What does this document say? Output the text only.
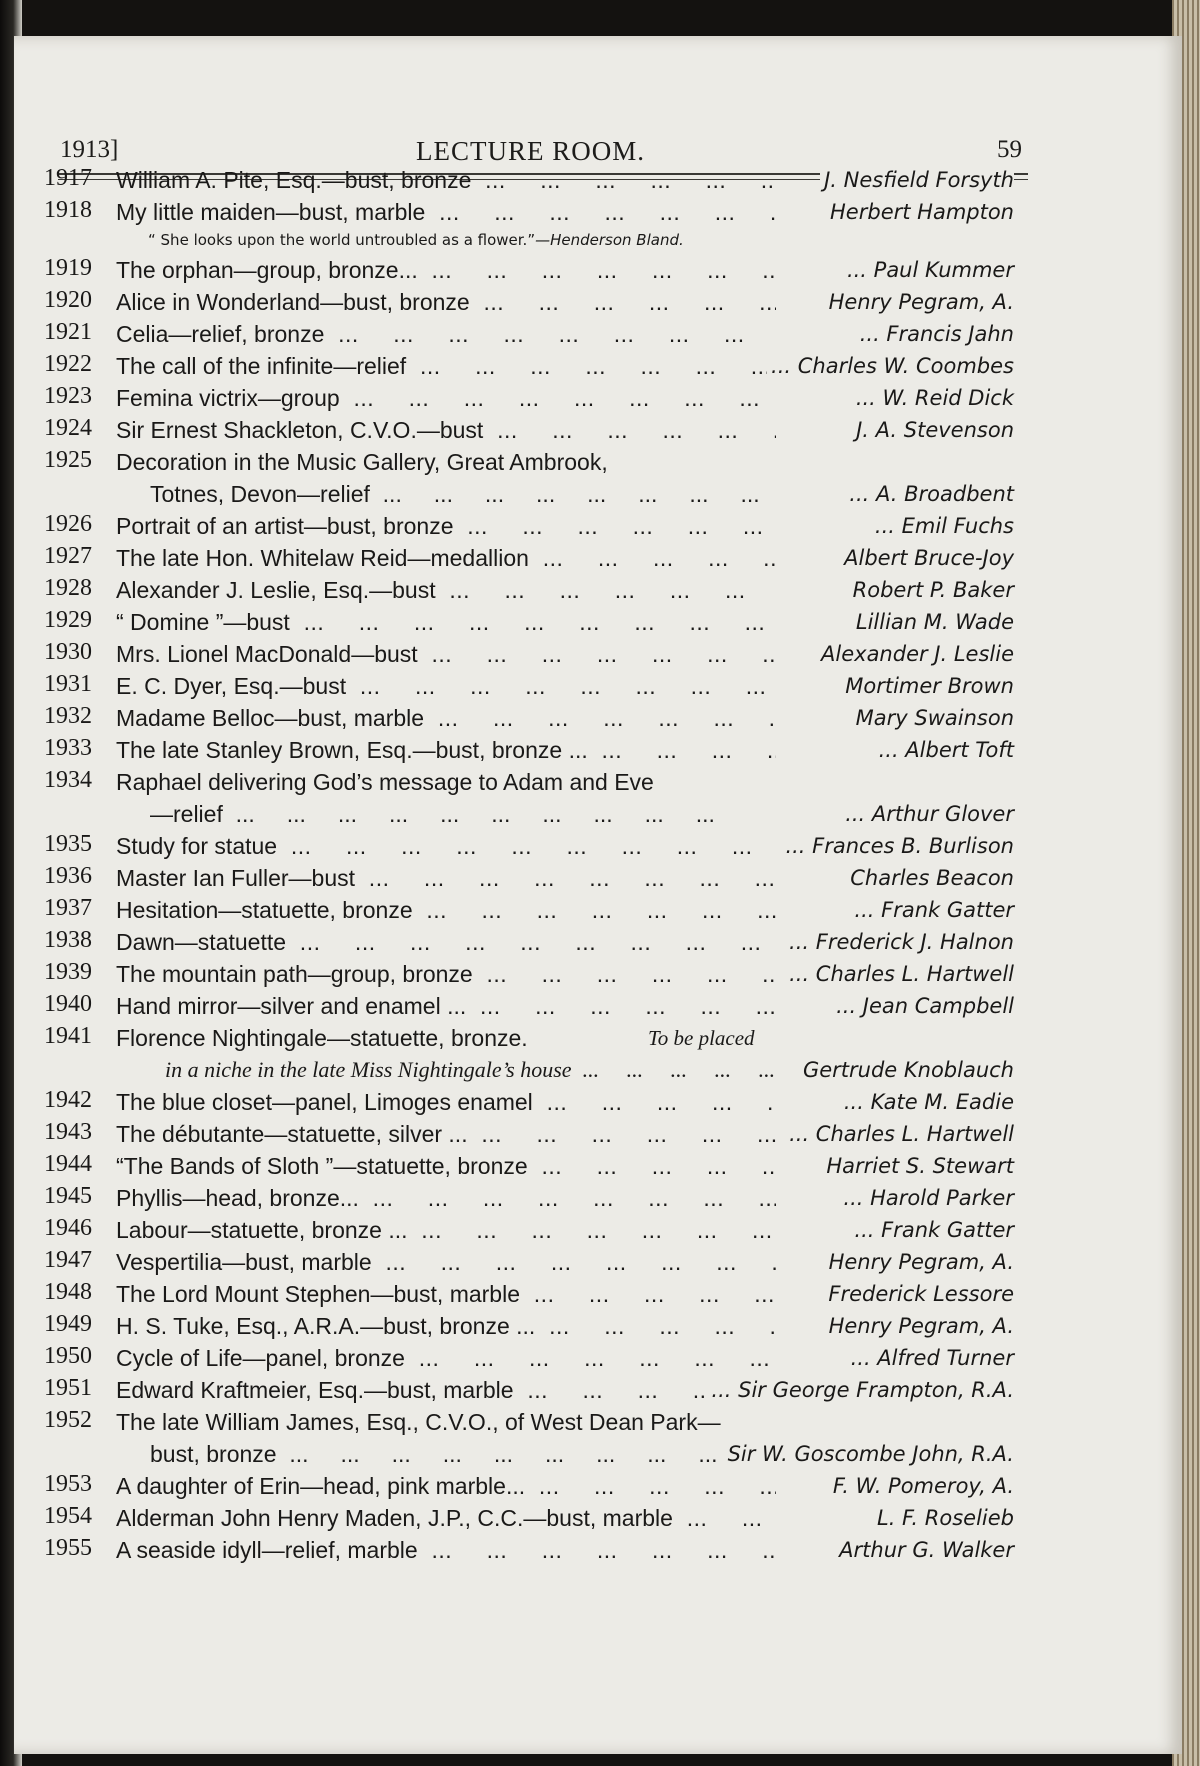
1913]	LECTURE ROOM.	59
1917 William A. Pite, Esq.—bust, bronze ...	J. Nesfield Forsyth
1918 My little maiden—bust, marble ...	Herbert Hampton
“ She looks upon the world untroubled as a flower.”—Henderson Bland.
1919 The orphan—group, bronze... ...	... Paul Kummer
1920 Alice in Wonderland—bust, bronze ...	Henry Pegram, A.
1921 Celia—relief, bronze ...	... Francis Jahn
1922 The call of the infinite—relief ...	... Charles W. Coombes
1923 Femina victrix—group ...	... W. Reid Dick
1924 Sir Ernest Shackleton, C.V.O.—bust ...	J. A. Stevenson
1925 Decoration in the Music Gallery, Great Ambrook,
Totnes, Devon—relief ...	... A. Broadbent
1926 Portrait of an artist—bust, bronze ...	... Emil Fuchs
1927 The late Hon. Whitelaw Reid—medallion ...	Albert Bruce-Joy
1928 Alexander J. Leslie, Esq.—bust ...	Robert P. Baker
1929 “ Domine ”—bust ...	Lillian M. Wade
1930 Mrs. Lionel MacDonald—bust ...	Alexander J. Leslie
1931 E. C. Dyer, Esq.—bust ...	Mortimer Brown
1932 Madame Belloc—bust, marble ...	Mary Swainson
1933 The late Stanley Brown, Esq.—bust, bronze ... ...	... Albert Toft
1934 Raphael delivering God’s message to Adam and Eve
—relief ...	... Arthur Glover
1935 Study for statue ...	... Frances B. Burlison
1936 Master Ian Fuller—bust ...	Charles Beacon
1937 Hesitation—statuette, bronze ...	... Frank Gatter
1938 Dawn—statuette ...	... Frederick J. Halnon
1939 The mountain path—group, bronze ...	... Charles L. Hartwell
1940 Hand mirror—silver and enamel ... ...	... Jean Campbell
1941 Florence Nightingale—statuette, bronze.	To be placed
in a niche in the late Miss Nightingale’s house ...	Gertrude Knoblauch
1942 The blue closet—panel, Limoges enamel ...	... Kate M. Eadie
1943 The débutante—statuette, silver ... ...	... Charles L. Hartwell
1944 “The Bands of Sloth ”—statuette, bronze ...	Harriet S. Stewart
1945 Phyllis—head, bronze... ...	... Harold Parker
1946 Labour—statuette, bronze ... ...	... Frank Gatter
1947 Vespertilia—bust, marble ...	Henry Pegram, A.
1948 The Lord Mount Stephen—bust, marble ...	Frederick Lessore
1949 H. S. Tuke, Esq., A.R.A.—bust, bronze ... ...	Henry Pegram, A.
1950 Cycle of Life—panel, bronze ...	... Alfred Turner
1951 Edward Kraftmeier, Esq.—bust, marble ...	... Sir George Frampton, R.A.
1952 The late William James, Esq., C.V.O., of West Dean Park—
bust, bronze ...	Sir W. Goscombe John, R.A.
1953 A daughter of Erin—head, pink marble... ...	F. W. Pomeroy, A.
1954 Alderman John Henry Maden, J.P., C.C.—bust, marble ...	L. F. Roselieb
1955 A seaside idyll—relief, marble ...	Arthur G. Walker
